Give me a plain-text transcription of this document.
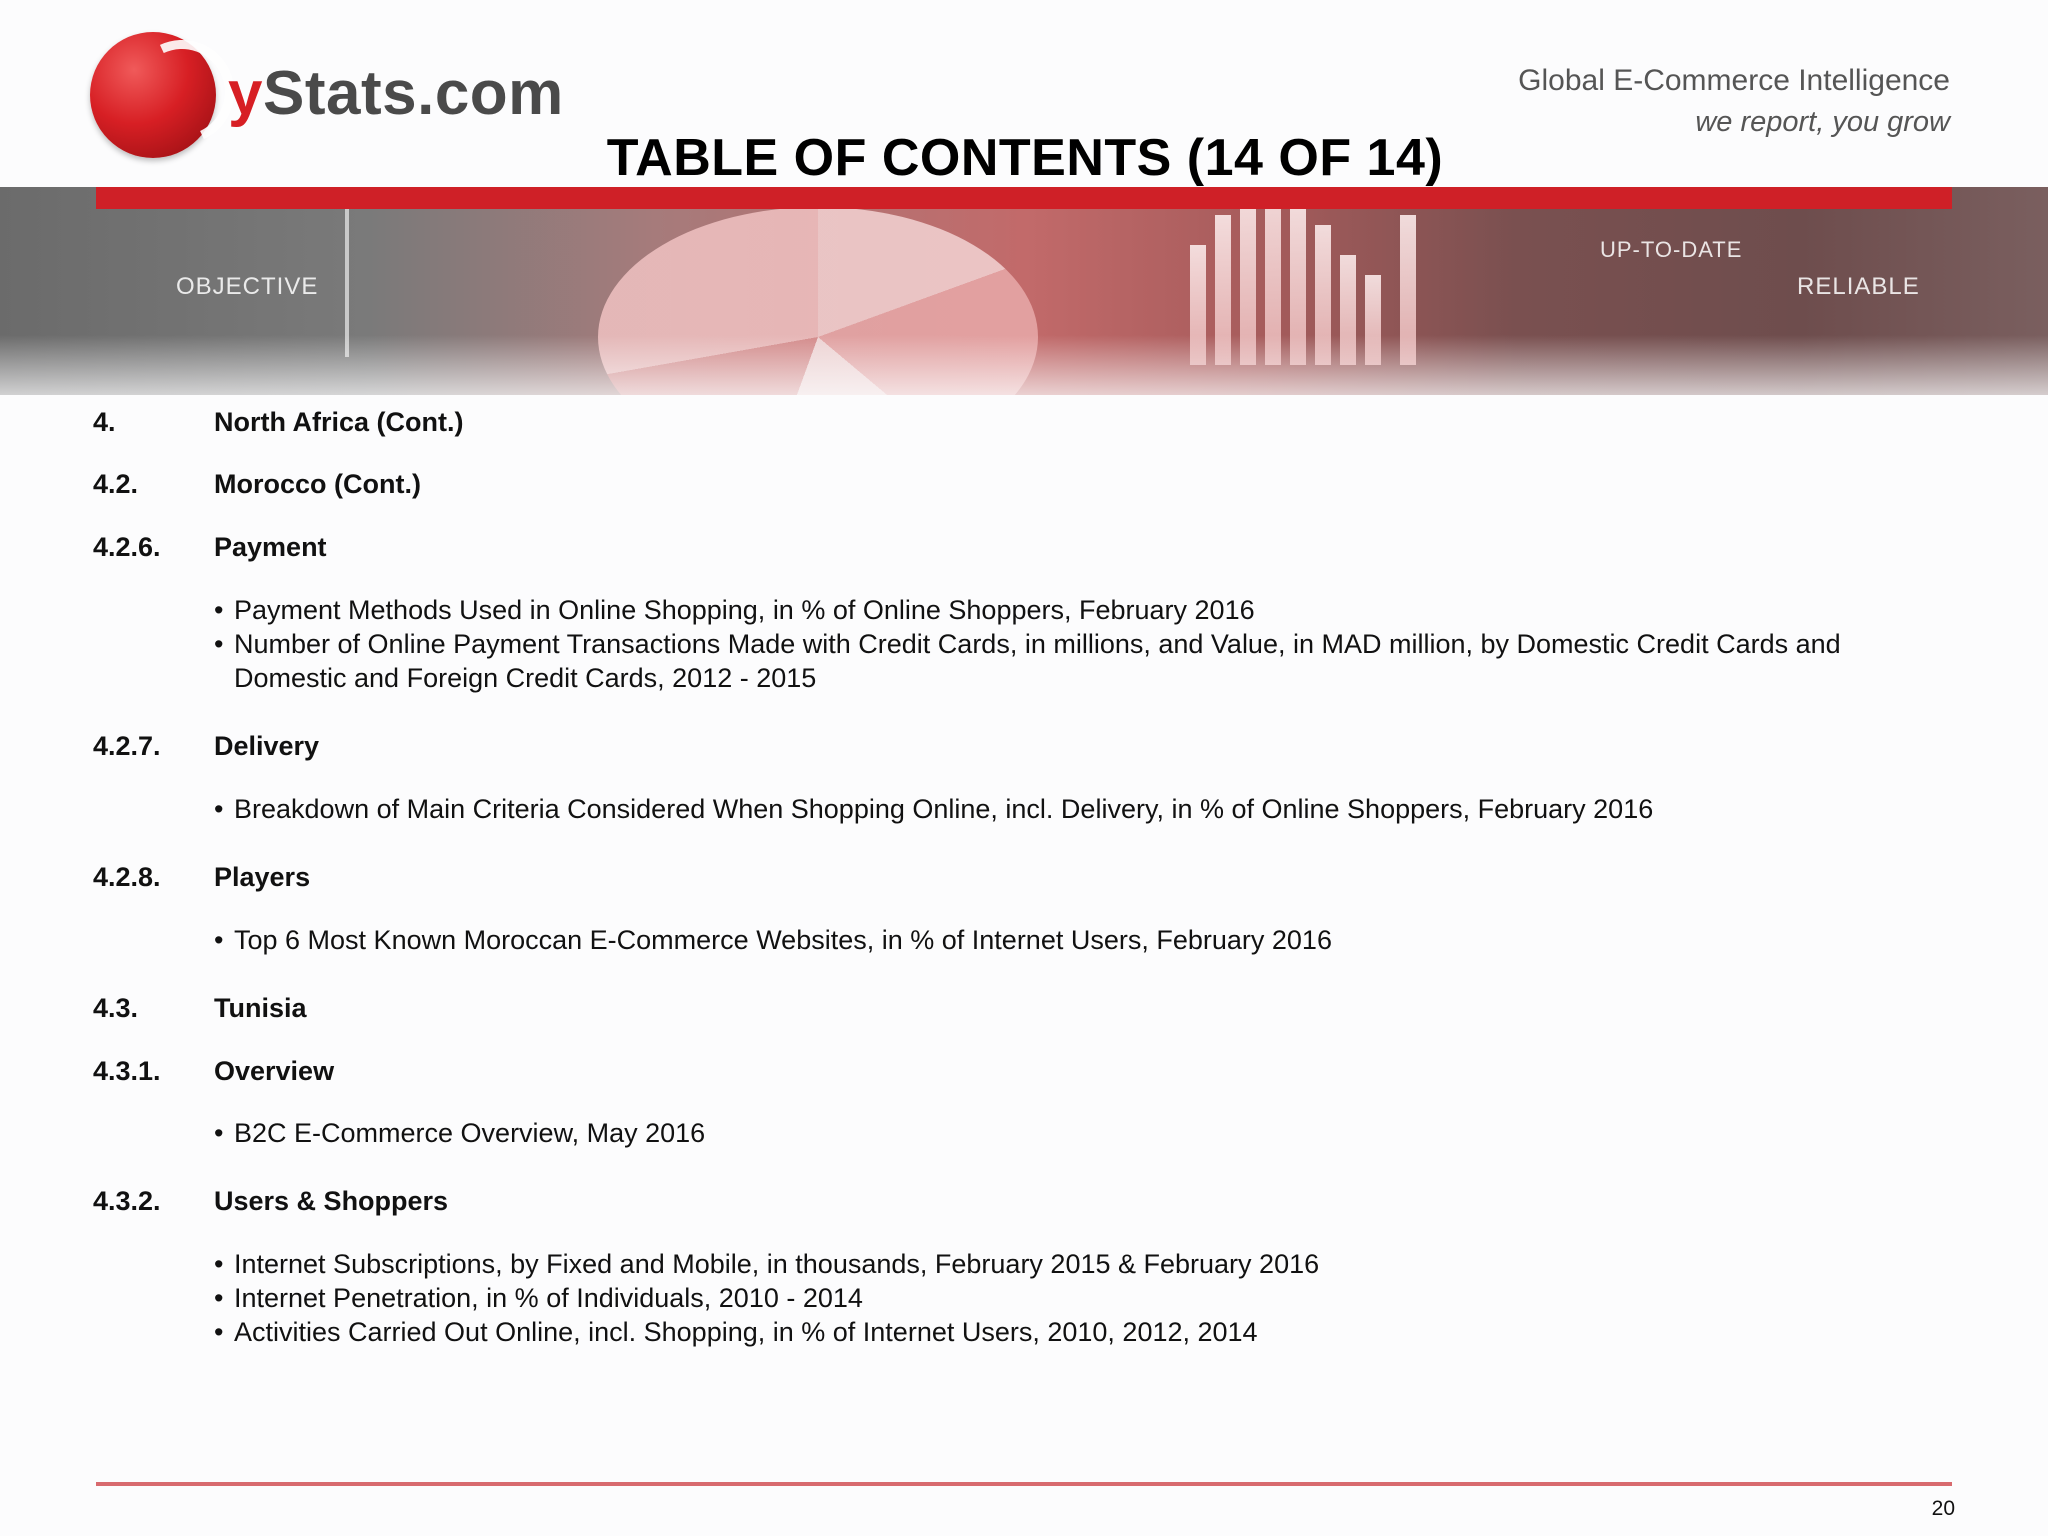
OBJECTIVE
UP-TO-DATE
RELIABLE
yStats.com	Global E-Commerce Intelligence
we report, you grow
TABLE OF CONTENTS (14 OF 14)
4.	North Africa (Cont.)
4.2.	Morocco (Cont.)
4.2.6. Payment
• Payment Methods Used in Online Shopping, in % of Online Shoppers, February 2016
• Number of Online Payment Transactions Made with Credit Cards, in millions, and Value, in MAD million, by Domestic Credit Cards and
Domestic and Foreign Credit Cards, 2012 - 2015
4.2.7. Delivery
• Breakdown of Main Criteria Considered When Shopping Online, incl. Delivery, in % of Online Shoppers, February 2016
4.2.8. Players
• Top 6 Most Known Moroccan E-Commerce Websites, in % of Internet Users, February 2016
4.3.	Tunisia
4.3.1. Overview
• B2C E-Commerce Overview, May 2016
4.3.2. Users & Shoppers
• Internet Subscriptions, by Fixed and Mobile, in thousands, February 2015 & February 2016
• Internet Penetration, in % of Individuals, 2010 - 2014
• Activities Carried Out Online, incl. Shopping, in % of Internet Users, 2010, 2012, 2014
20
